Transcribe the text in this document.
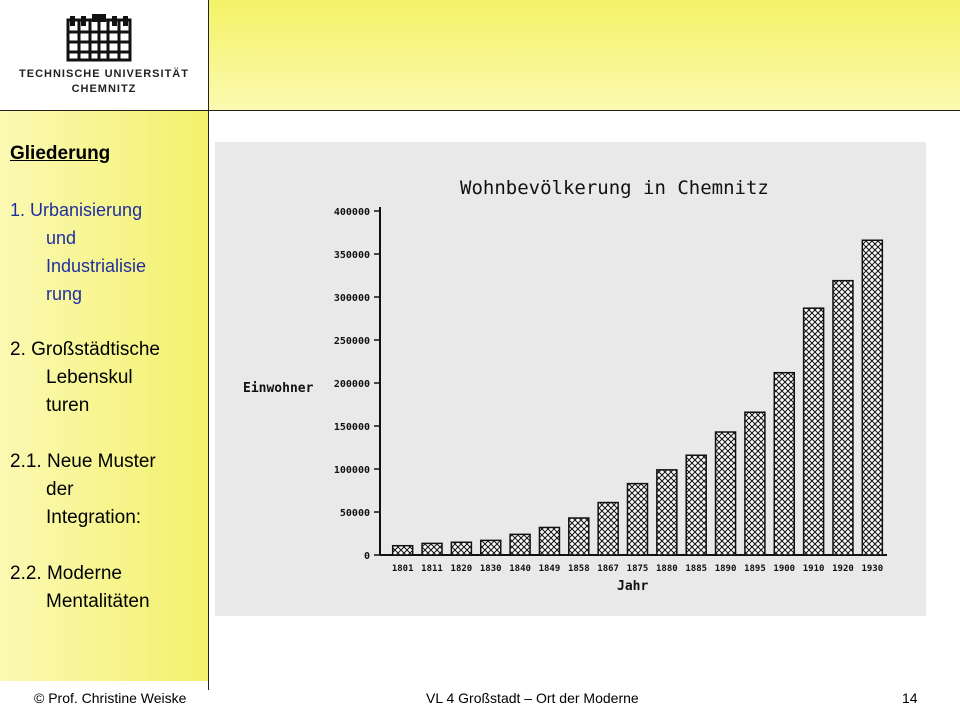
TECHNISCHE UNIVERSITÄT
CHEMNITZ
Gliederung
1. Urbanisierung
und
Industrialisie
rung
2. Großstädtische
Lebenskul
turen
2.1. Neue Muster
der
Integration:
2.2. Moderne
Mentalitäten
Wohnbevölkerung in Chemnitz
Einwohner
Jahr
0
50000
100000
150000
200000
250000
300000
350000
400000
1801 1811 1820 1830 1840 1849 1858 1867 1875 1880 1885 1890 1895 1900 1910 1920 1930
© Prof. Christine Weiske	VL 4 Großstadt – Ort der Moderne	14
